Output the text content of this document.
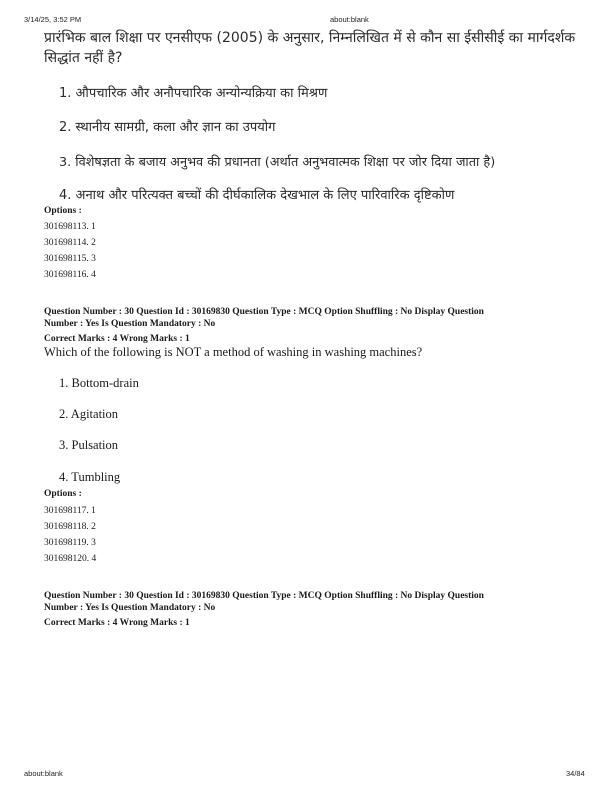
3/14/25, 3:52 PM	about:blank
प्रारंभिक बाल शिक्षा पर एनसीएफ (2005) के अनुसार, निम्नलिखित में से कौन सा ईसीसीई का मार्गदर्शक सिद्धांत नहीं है?
1. औपचारिक और अनौपचारिक अन्योन्यक्रिया का मिश्रण
2. स्थानीय सामग्री, कला और ज्ञान का उपयोग
3. विशेषज्ञता के बजाय अनुभव की प्रधानता (अर्थात अनुभवात्मक शिक्षा पर जोर दिया जाता है)
4. अनाथ और परित्यक्त बच्चों की दीर्घकालिक देखभाल के लिए पारिवारिक दृष्टिकोण
Options :
301698113. 1
301698114. 2
301698115. 3
301698116. 4
Question Number : 30 Question Id : 30169830 Question Type : MCQ Option Shuffling : No Display Question
Number : Yes Is Question Mandatory : No
Correct Marks : 4 Wrong Marks : 1
Which of the following is NOT a method of washing in washing machines?
1. Bottom-drain
2. Agitation
3. Pulsation
4. Tumbling
Options :
301698117. 1
301698118. 2
301698119. 3
301698120. 4
Question Number : 30 Question Id : 30169830 Question Type : MCQ Option Shuffling : No Display Question
Number : Yes Is Question Mandatory : No
Correct Marks : 4 Wrong Marks : 1
about:blank	34/84
